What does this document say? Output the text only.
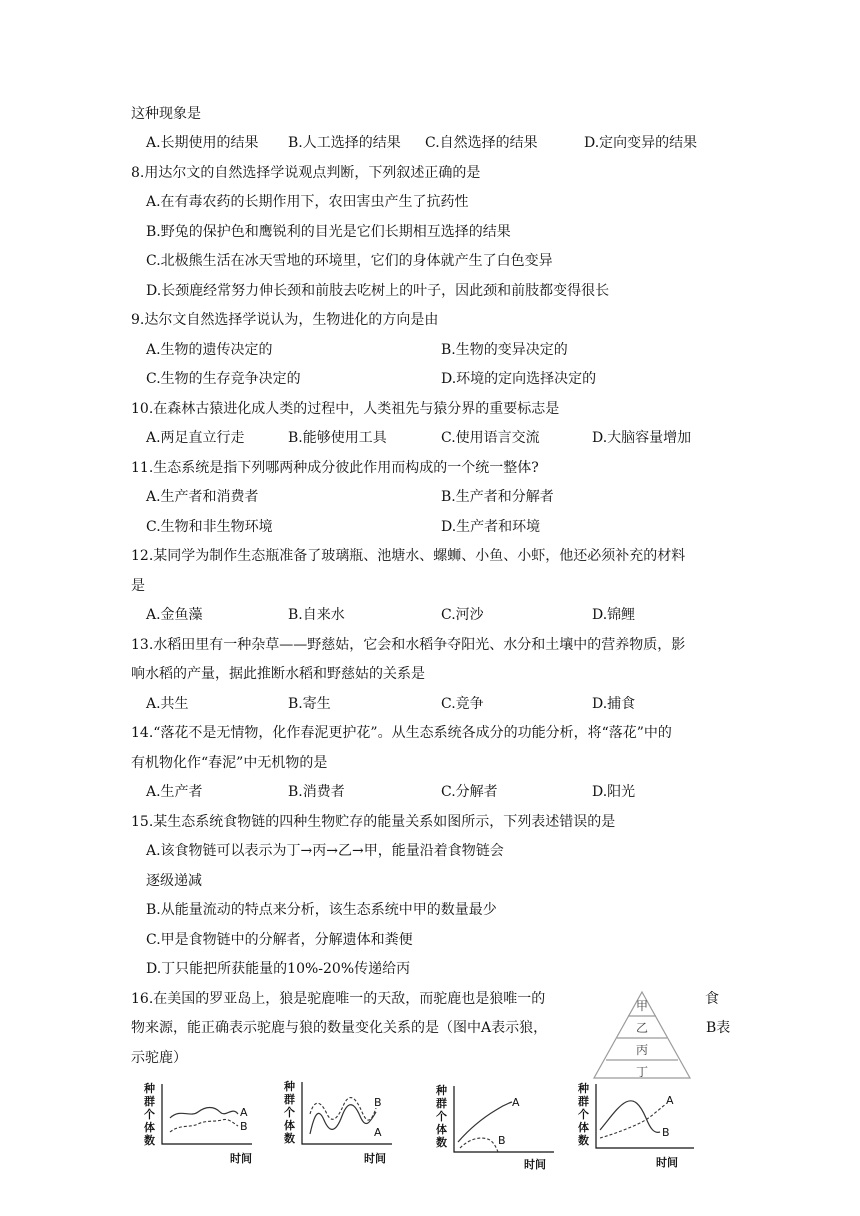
这种现象是
A.长期使用的结果 B.人工选择的结果 C.自然选择的结果	D.定向变异的结果
8.用达尔文的自然选择学说观点判断，下列叙述正确的是
A.在有毒农药的长期作用下，农田害虫产生了抗药性
B.野兔的保护色和鹰锐利的目光是它们长期相互选择的结果
C.北极熊生活在冰天雪地的环境里，它们的身体就产生了白色变异
D.长颈鹿经常努力伸长颈和前肢去吃树上的叶子，因此颈和前肢都变得很长
9.达尔文自然选择学说认为，生物进化的方向是由
A.生物的遗传决定的	B.生物的变异决定的
C.生物的生存竞争决定的	D.环境的定向选择决定的
10.在森林古猿进化成人类的过程中，人类祖先与猿分界的重要标志是
A.两足直立行走	B.能够使用工具	C.使用语言交流	D.大脑容量增加
11.生态系统是指下列哪两种成分彼此作用而构成的一个统一整体?
A.生产者和消费者	B.生产者和分解者
C.生物和非生物环境	D.生产者和环境
12.某同学为制作生态瓶准备了玻璃瓶、池塘水、螺蛳、小鱼、小虾，他还必须补充的材料
是
A.金鱼藻	B.自来水	C.河沙	D.锦鲤
13.水稻田里有一种杂草——野慈姑，它会和水稻争夺阳光、水分和土壤中的营养物质，影
响水稻的产量，据此推断水稻和野慈姑的关系是
A.共生	B.寄生	C.竞争	D.捕食
14.“落花不是无情物，化作春泥更护花”。从生态系统各成分的功能分析，将“落花”中的
有机物化作“春泥”中无机物的是
A.生产者	B.消费者	C.分解者	D.阳光
15.某生态系统食物链的四种生物贮存的能量关系如图所示，下列表述错误的是
A.该食物链可以表示为丁→丙→乙→甲，能量沿着食物链会
逐级递减
B.从能量流动的特点来分析，该生态系统中甲的数量最少
C.甲是食物链中的分解者，分解遗体和粪便
D.丁只能把所获能量的10%-20%传递给丙
16.在美国的罗亚岛上，狼是驼鹿唯一的天敌，而驼鹿也是狼唯一的	食
物来源，能正确表示驼鹿与狼的数量变化关系的是（图中A表示狼，	B表
示驼鹿）
甲
乙
丙
丁
种
群
个
体
数
A
B
时间
种
群
个
体
数
B
A
时间
种
群
个
体
数
A
B
时间
种
群
个
体
数
A
B
时间
